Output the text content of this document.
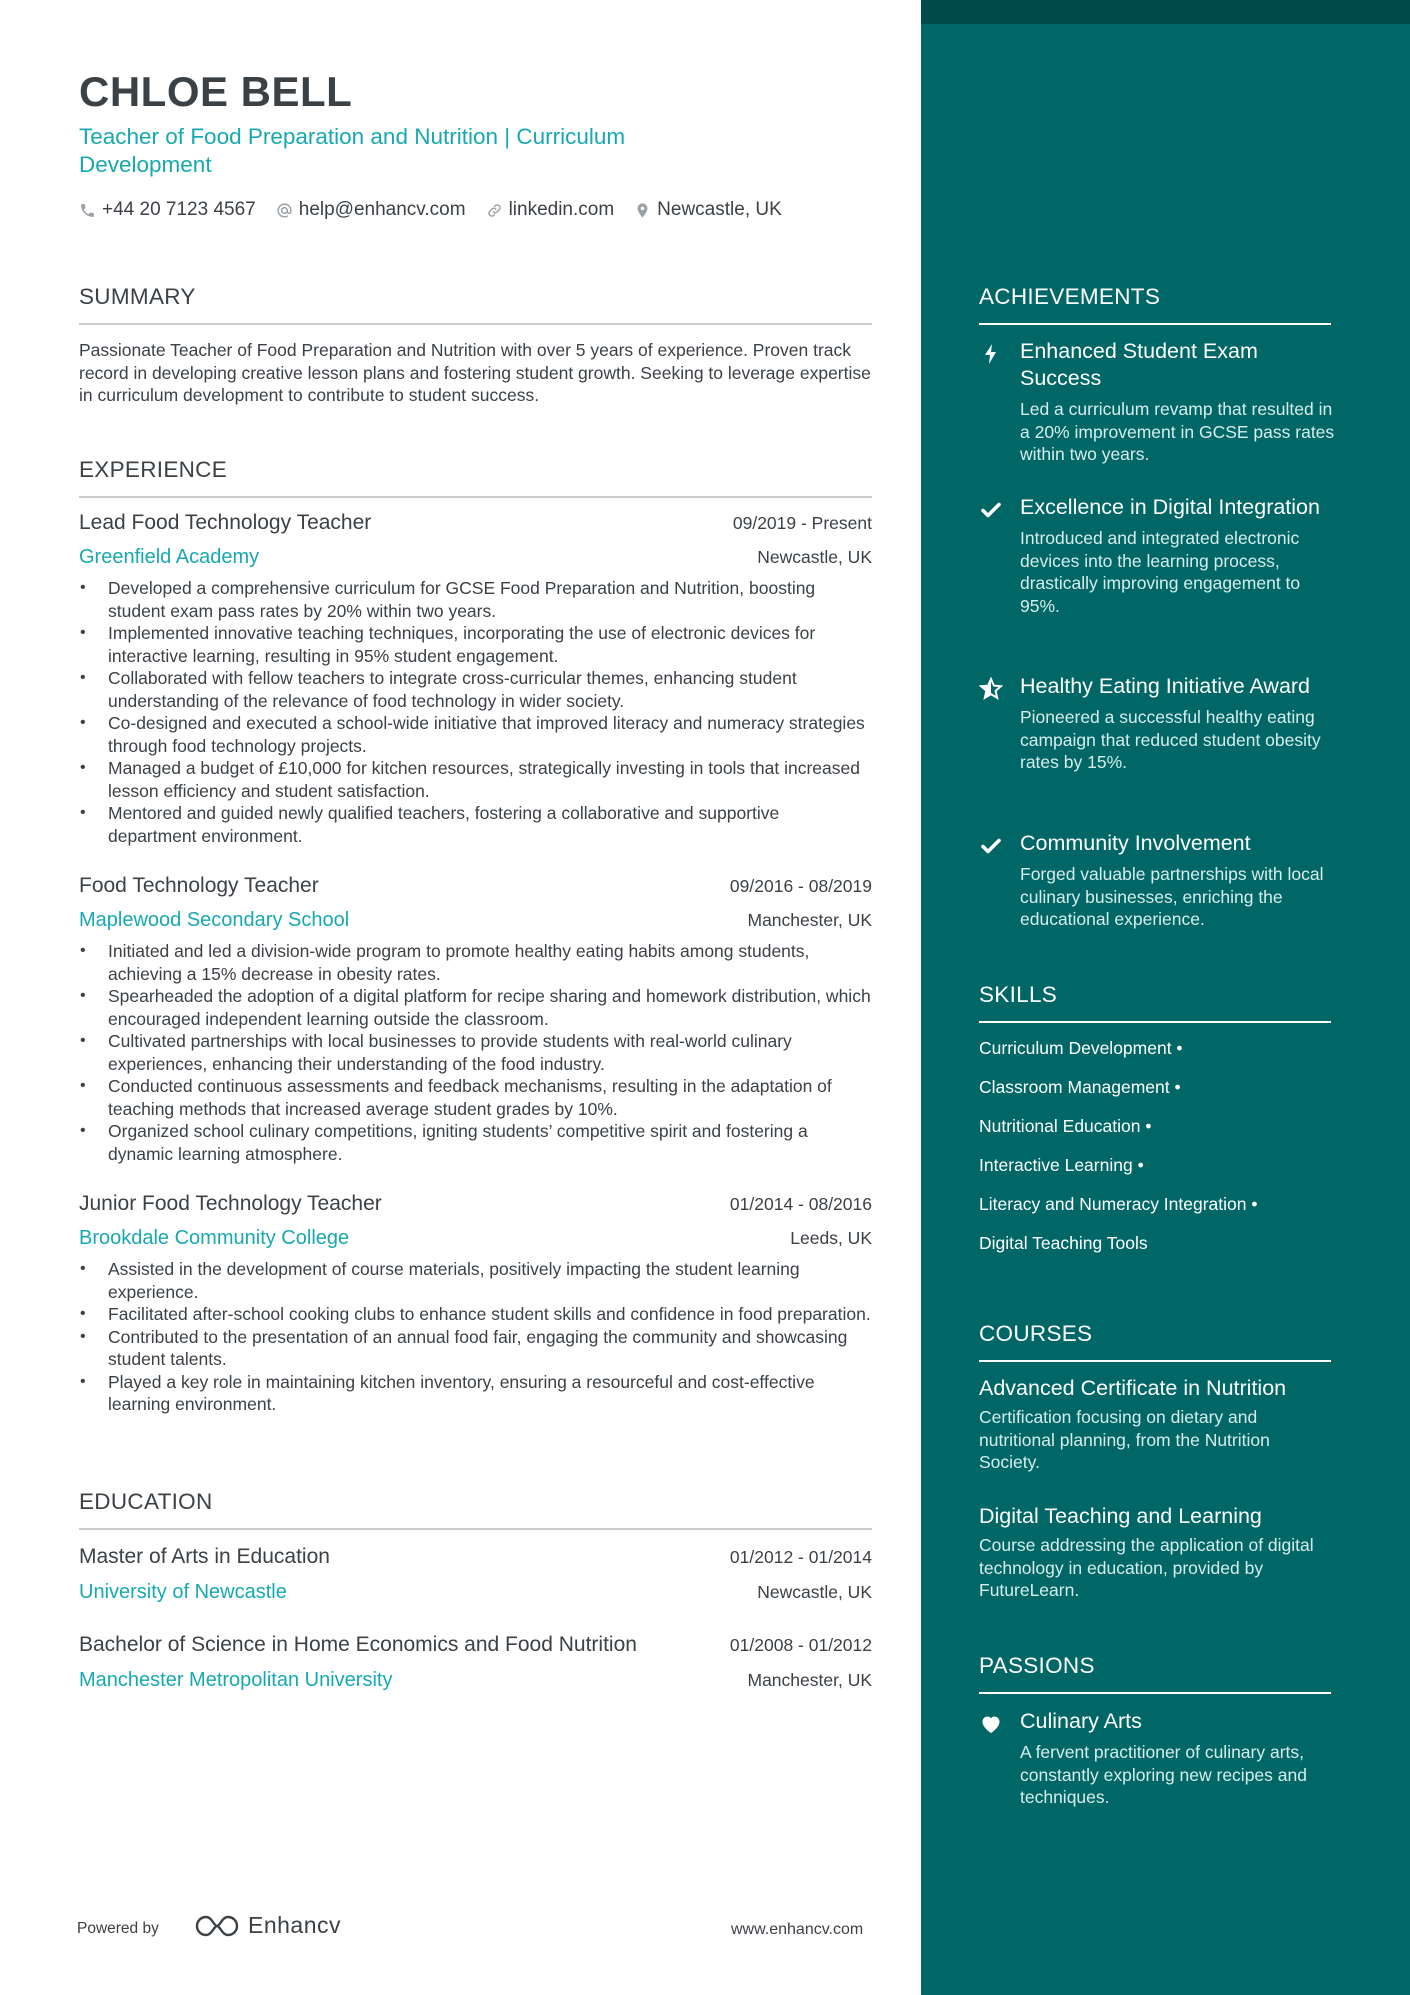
CHLOE BELL
Teacher of Food Preparation and Nutrition | Curriculum Development
+44 20 7123 4567 help@enhancv.com linkedin.com Newcastle, UK
SUMMARY
Passionate Teacher of Food Preparation and Nutrition with over 5 years of experience. Proven track record in developing creative lesson plans and fostering student growth. Seeking to leverage expertise in curriculum development to contribute to student success.
EXPERIENCE
Lead Food Technology Teacher	09/2019 - Present
Greenfield Academy	Newcastle, UK
• Developed a comprehensive curriculum for GCSE Food Preparation and Nutrition, boosting student exam pass rates by 20% within two years.
• Implemented innovative teaching techniques, incorporating the use of electronic devices for interactive learning, resulting in 95% student engagement.
• Collaborated with fellow teachers to integrate cross-curricular themes, enhancing student understanding of the relevance of food technology in wider society.
• Co-designed and executed a school-wide initiative that improved literacy and numeracy strategies through food technology projects.
• Managed a budget of £10,000 for kitchen resources, strategically investing in tools that increased lesson efficiency and student satisfaction.
• Mentored and guided newly qualified teachers, fostering a collaborative and supportive department environment.
Food Technology Teacher	09/2016 - 08/2019
Maplewood Secondary School	Manchester, UK
• Initiated and led a division-wide program to promote healthy eating habits among students, achieving a 15% decrease in obesity rates.
• Spearheaded the adoption of a digital platform for recipe sharing and homework distribution, which encouraged independent learning outside the classroom.
• Cultivated partnerships with local businesses to provide students with real-world culinary experiences, enhancing their understanding of the food industry.
• Conducted continuous assessments and feedback mechanisms, resulting in the adaptation of teaching methods that increased average student grades by 10%.
• Organized school culinary competitions, igniting students’ competitive spirit and fostering a dynamic learning atmosphere.
Junior Food Technology Teacher	01/2014 - 08/2016
Brookdale Community College	Leeds, UK
• Assisted in the development of course materials, positively impacting the student learning experience.
• Facilitated after-school cooking clubs to enhance student skills and confidence in food preparation.
• Contributed to the presentation of an annual food fair, engaging the community and showcasing student talents.
• Played a key role in maintaining kitchen inventory, ensuring a resourceful and cost-effective learning environment.
EDUCATION
Master of Arts in Education	01/2012 - 01/2014
University of Newcastle	Newcastle, UK
Bachelor of Science in Home Economics and Food Nutrition	01/2008 - 01/2012
Manchester Metropolitan University	Manchester, UK
Powered by	Enhancv	www.enhancv.com
ACHIEVEMENTS
Enhanced Student Exam Success
Led a curriculum revamp that resulted in a 20% improvement in GCSE pass rates within two years.
Excellence in Digital Integration
Introduced and integrated electronic devices into the learning process, drastically improving engagement to 95%.
Healthy Eating Initiative Award
Pioneered a successful healthy eating campaign that reduced student obesity rates by 15%.
Community Involvement
Forged valuable partnerships with local culinary businesses, enriching the educational experience.
SKILLS
Curriculum Development •
Classroom Management •
Nutritional Education •
Interactive Learning •
Literacy and Numeracy Integration •
Digital Teaching Tools
COURSES
Advanced Certificate in Nutrition
Certification focusing on dietary and nutritional planning, from the Nutrition Society.
Digital Teaching and Learning
Course addressing the application of digital technology in education, provided by FutureLearn.
PASSIONS
Culinary Arts
A fervent practitioner of culinary arts, constantly exploring new recipes and techniques.
